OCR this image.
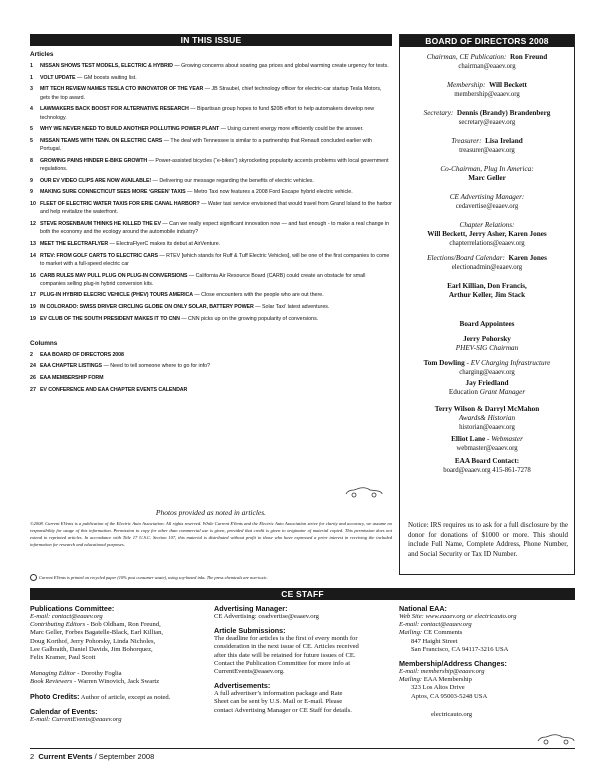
IN THIS ISSUE
Articles
1	NISSAN SHOWS TEST MODELS, ELECTRIC & HYBRID — Growing concerns about soaring gas prices and global warming create urgency for tests.
1	VOLT UPDATE — GM boosts waiting list.
3	MIT TECH REVIEW NAMES TESLA CTO INNOVATOR OF THE YEAR — JB Straubel, chief technology officer for electric-car startup Tesla Motors, gets the top award.
4	LAWMAKERS BACK BOOST FOR ALTERNATIVE RESEARCH — Bipartisan group hopes to fund $20B effort to help automakers develop new technology.
5	WHY WE NEVER NEED TO BUILD ANOTHER POLLUTING POWER PLANT — Using current energy more efficiently could be the answer.
5	NISSAN TEAMS WITH TENN. ON ELECTRIC CARS — The deal with Tennessee is similar to a partnership that Renault concluded earlier with Portugal.
8	GROWING PAINS HINDER E-BIKE GROWTH — Power-assisted bicycles (“e-bikes”) skyrocketing popularity accents problems with local government regulations.
9	OUR EV VIDEO CLIPS ARE NOW AVAILABLE! — Delivering our message regarding the benefits of electric vehicles.
9	MAKING SURE CONNECTICUT SEES MORE ‘GREEN’ TAXIS — Metro Taxi now features a 2008 Ford Escape hybrid electric vehicle.
10 FLEET OF ELECTRIC WATER TAXIS FOR ERIE CANAL HARBOR? — Water taxi service envisioned that would travel from Grand Island to the harbor and help revitalize the waterfront.
12 STEVE ROSENBAUM THINKS HE KILLED THE EV — Can we really expect significant innovation now — and fast enough - to make a real change in both the economy and the ecology around the automobile industry?
13 MEET THE ELECTRAFLYER — ElectraFlyerC makes its debut at AirVenture.
14 RTEV: FROM GOLF CARTS TO ELECTRIC CARS — RTEV [which stands for Ruff & Tuff Electric Vehicles], will be one of the first companies to come to market with a full-speed electric car
16 CARB RULES MAY PULL PLUG ON PLUG-IN CONVERSIONS — California Air Resource Board (CARB) could create an obstacle for small companies selling plug-in hybrid conversion kits.
17 PLUG-IN HYBRID ELECRIC VEHICLE (PHEV) TOURS AMERICA — Close encounters with the people who are out there.
19 IN COLORADO: SWISS DRIVER CIRCLING GLOBE ON ONLY SOLAR, BATTERY POWER — Solar Taxi’ latest adventures.
19 EV CLUB OF THE SOUTH PRESIDENT MAKES IT TO CNN — CNN picks up on the growing popularity of conversions.
Columns
2	EAA BOARD OF DIRECTORS 2008
24 EAA CHAPTER LISTINGS — Need to tell someone where to go for info?
26 EAA MEMBERSHIP FORM
27 EV CONFERENCE AND EAA CHAPTER EVENTS CALENDAR
Photos provided as noted in articles.
©2008. Current EVents is a publication of the Electric Auto Association. All rights reserved. While Current EVents and the Electric Auto Association strive for clarity and accuracy, we assume no responsibility for usage of this information. Permission to copy for other than commercial use is given, provided that credit is given to originator of material copied. This permission does not extend to reprinted articles. In accordance with Title 17 U.S.C. Section 107, this material is distributed without profit to those who have expressed a prior interest in receiving the included information for research and educational purposes.
Current EVents is printed on recycled paper (10% post consumer waste), using soy-based inks. The press chemicals are non-toxic.
BOARD OF DIRECTORS 2008
Chairman, CE Publication: Ron Freund
chairman@eaaev.org
Membership: Will Beckett
membership@eaaev.org
Secretary: Dennis (Brandy) Brandenberg
secretary@eaaev.org
Treasurer: Lisa Ireland
treasurer@eaaev.org
Co-Chairman, Plug In America:
Marc Geller
CE Advertising Manager:
cedavertise@eaaev.org
Chapter Relations:
Will Beckett, Jerry Asher, Karen Jones
chapterrelations@eaaev.org
Elections/Board Calendar: Karen Jones
electionadmin@eaaev.org
Earl Killian, Don Francis,
Arthur Keller, Jim Stack
Board Appointees
Jerry Pohorsky
PHEV-SIG Chairman
Tom Dowling - EV Charging Infrastructure
charging@eaaev.org
Jay Friedland
Education Grant Manager
Terry Wilson & Darryl McMahon
Awards& Historian
historian@eaaev.org
Elliot Lane - Webmaster
webmaster@eaaev.org
EAA Board Contact:
board@eaaev.org 415-861-7278
Notice: IRS requires us to ask for a full disclosure by the donor for donations of $1000 or more. This should include Full Name, Complete Address, Phone Number, and Social Security or Tax ID Number.
CE STAFF
Publications Committee:
E-mail: contact@eaaev.org
Contributing Editors - Bob Oldham, Ron Freund,
Marc Geller, Forbes Bagatelle-Black, Earl Killian,
Doug Korthof, Jerry Pohorsky, Linda Nicholes,
Lee Galbraith, Daniel Davids, Jim Bohorquez,
Felix Kramer, Paul Scott
Managing Editor - Dorothy Foglia
Book Reviewers - Warren Winovich, Jack Swartz
Photo Credits: Author of article, except as noted.
Calendar of Events:
E-mail: CurrentEvents@eaaev.org
Advertising Manager:
CE Advertising: ceadvertise@eaaev.org
Article Submissions:
The deadline for articles is the first of every month for
consideration in the next issue of CE. Articles received
after this date will be retained for future issues of CE.
Contact the Publication Committee for more info at
CurrentEvents@eaaev.org.
Advertisements:
A full advertiser’s information package and Rate
Sheet can be sent by U.S. Mail or E-mail. Please
contact Advertising Manager or CE Staff for details.
National EAA:
Web Site: www.eaaev.org or electricauto.org
E-mail: contact@eaaev.org
Mailing: CE Comments
847 Haight Street
San Francisco, CA 94117-3216 USA
Membership/Address Changes:
E-mail: membership@eaaev.org
Mailing: EAA Membership
323 Los Altos Drive
Aptos, CA 95003-5248 USA
electricauto.org
2 Current EVents / September 2008
